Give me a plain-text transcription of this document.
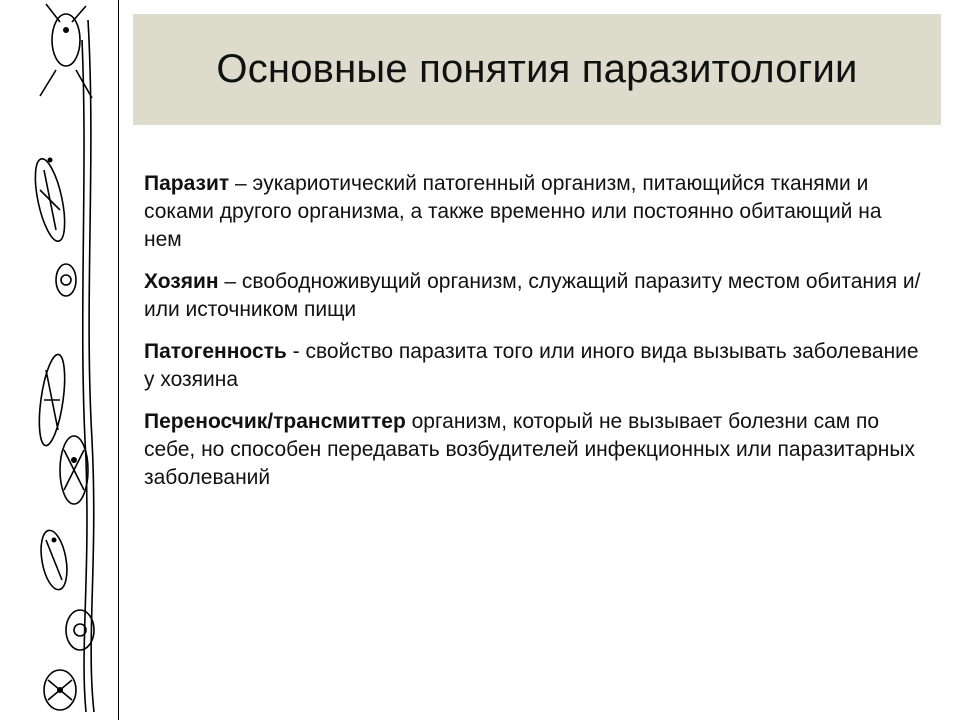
Основные понятия паразитологии
Паразит – эукариотический патогенный организм, питающийся тканями и соками другого организма, а также временно или постоянно обитающий на нем
Хозяин – свободноживущий организм, служащий паразиту местом обитания и/или источником пищи
Патогенность - свойство паразита того или иного вида вызывать заболевание у хозяина
Переносчик/трансмиттер организм, который не вызывает болезни сам по себе, но способен передавать возбудителей инфекционных или паразитарных заболеваний
